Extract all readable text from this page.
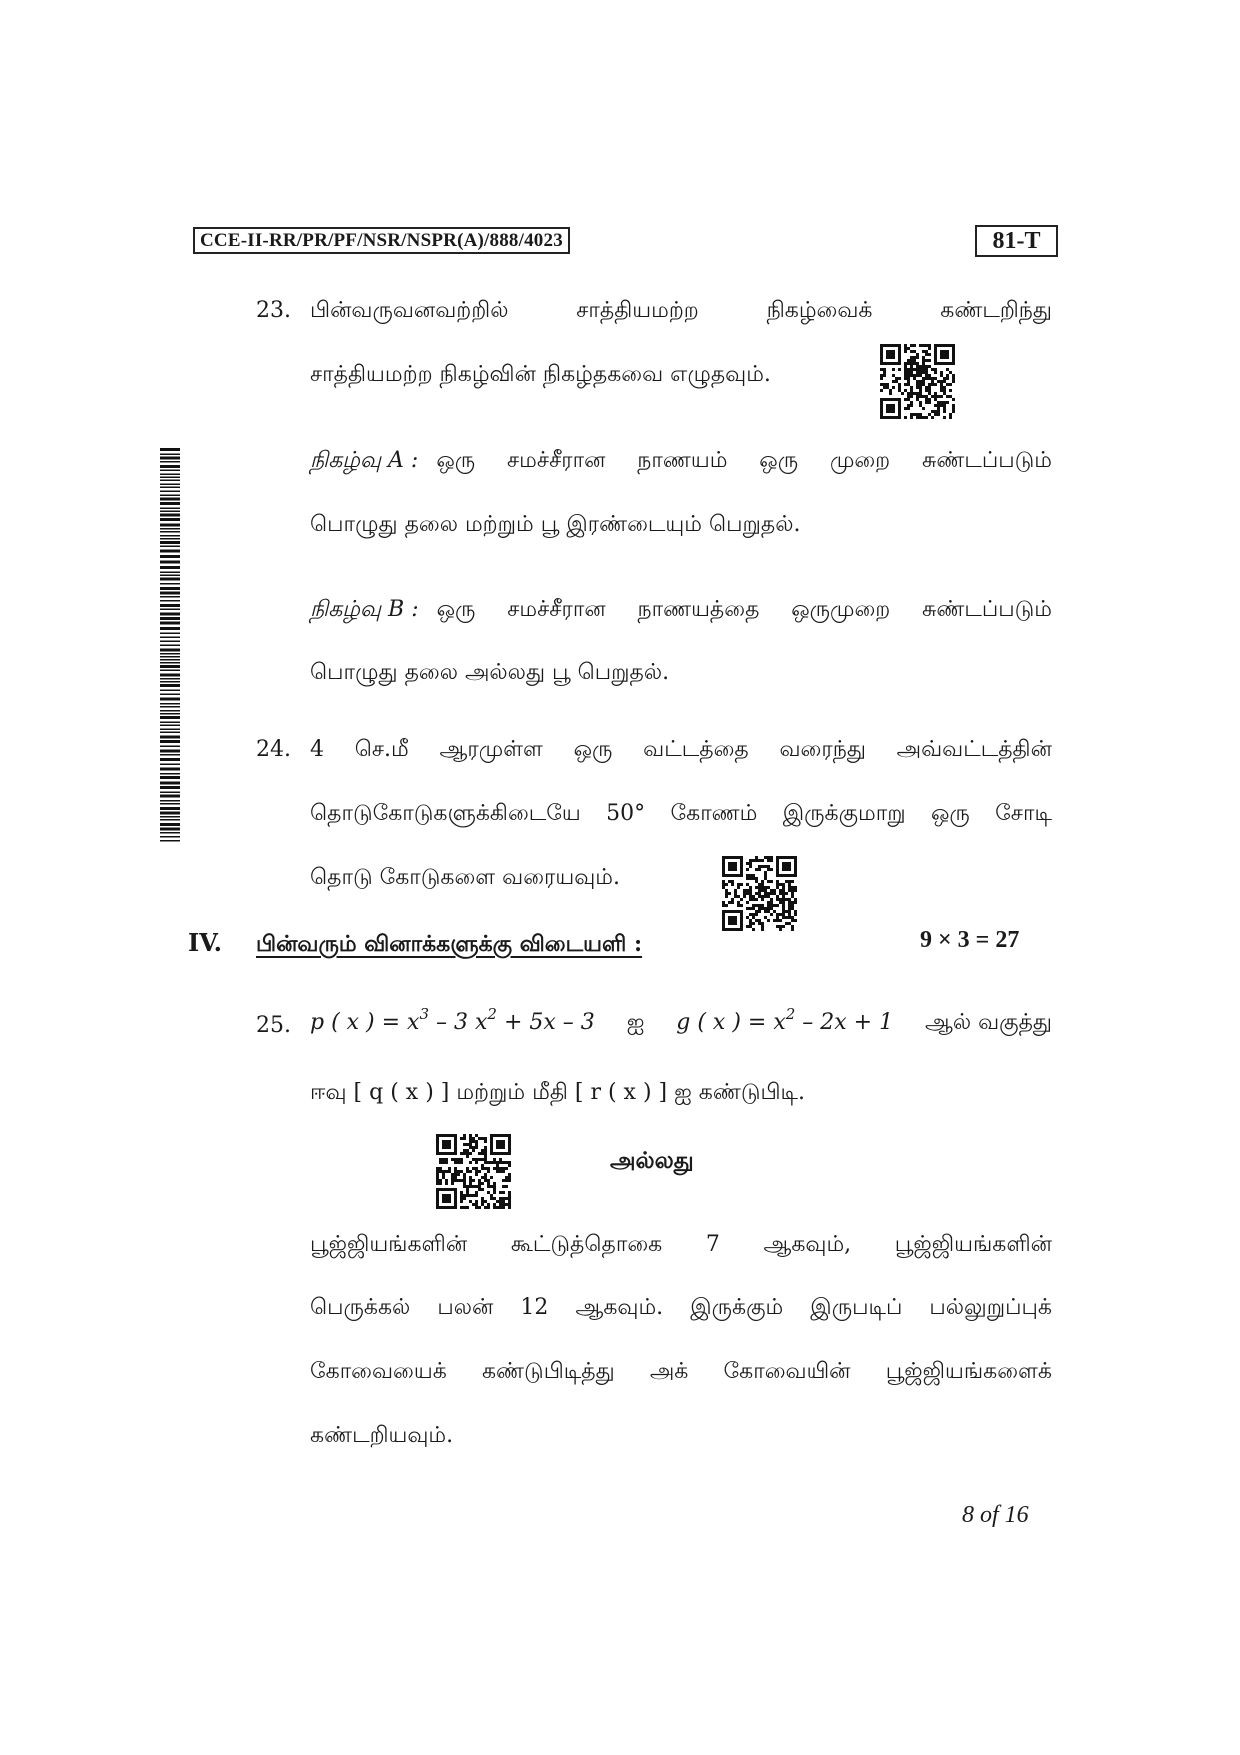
CCE-II-RR/PR/PF/NSR/NSPR(A)/888/4023	81-T
23. பின்வருவனவற்றில்	சாத்தியமற்ற	நிகழ்வைக்	கண்டறிந்து
சாத்தியமற்ற நிகழ்வின் நிகழ்தகவை எழுதவும்.
நிகழ்வு A : ஒரு சமச்சீரான நாணயம் ஒரு முறை சுண்டப்படும்
பொழுது தலை மற்றும் பூ இரண்டையும் பெறுதல்.
நிகழ்வு B : ஒரு சமச்சீரான நாணயத்தை ஒருமுறை சுண்டப்படும்
பொழுது தலை அல்லது பூ பெறுதல்.
24. 4 செ.மீ ஆரமுள்ள ஒரு வட்டத்தை வரைந்து அவ்வட்டத்தின்
தொடுகோடுகளுக்கிடையே 50° கோணம் இருக்குமாறு ஒரு சோடி
தொடு கோடுகளை வரையவும்.
IV. பின்வரும் வினாக்களுக்கு விடையளி :	9 × 3 = 27
25. p ( x ) = $x^3 - 3$ $x^2 + 5x - 3$ ஐ g ( x ) = $x^2 - 2x + 1$ ஆல் வகுத்து
ஈவு [ q ( x ) ] மற்றும் மீதி [ r ( x ) ] ஐ கண்டுபிடி.
அல்லது
பூஜ்ஜியங்களின் கூட்டுத்தொகை 7 ஆகவும், பூஜ்ஜியங்களின்
பெருக்கல் பலன் 12 ஆகவும். இருக்கும் இருபடிப் பல்லுறுப்புக்
கோவையைக் கண்டுபிடித்து அக் கோவையின் பூஜ்ஜியங்களைக்
கண்டறியவும்.
8 of 16
